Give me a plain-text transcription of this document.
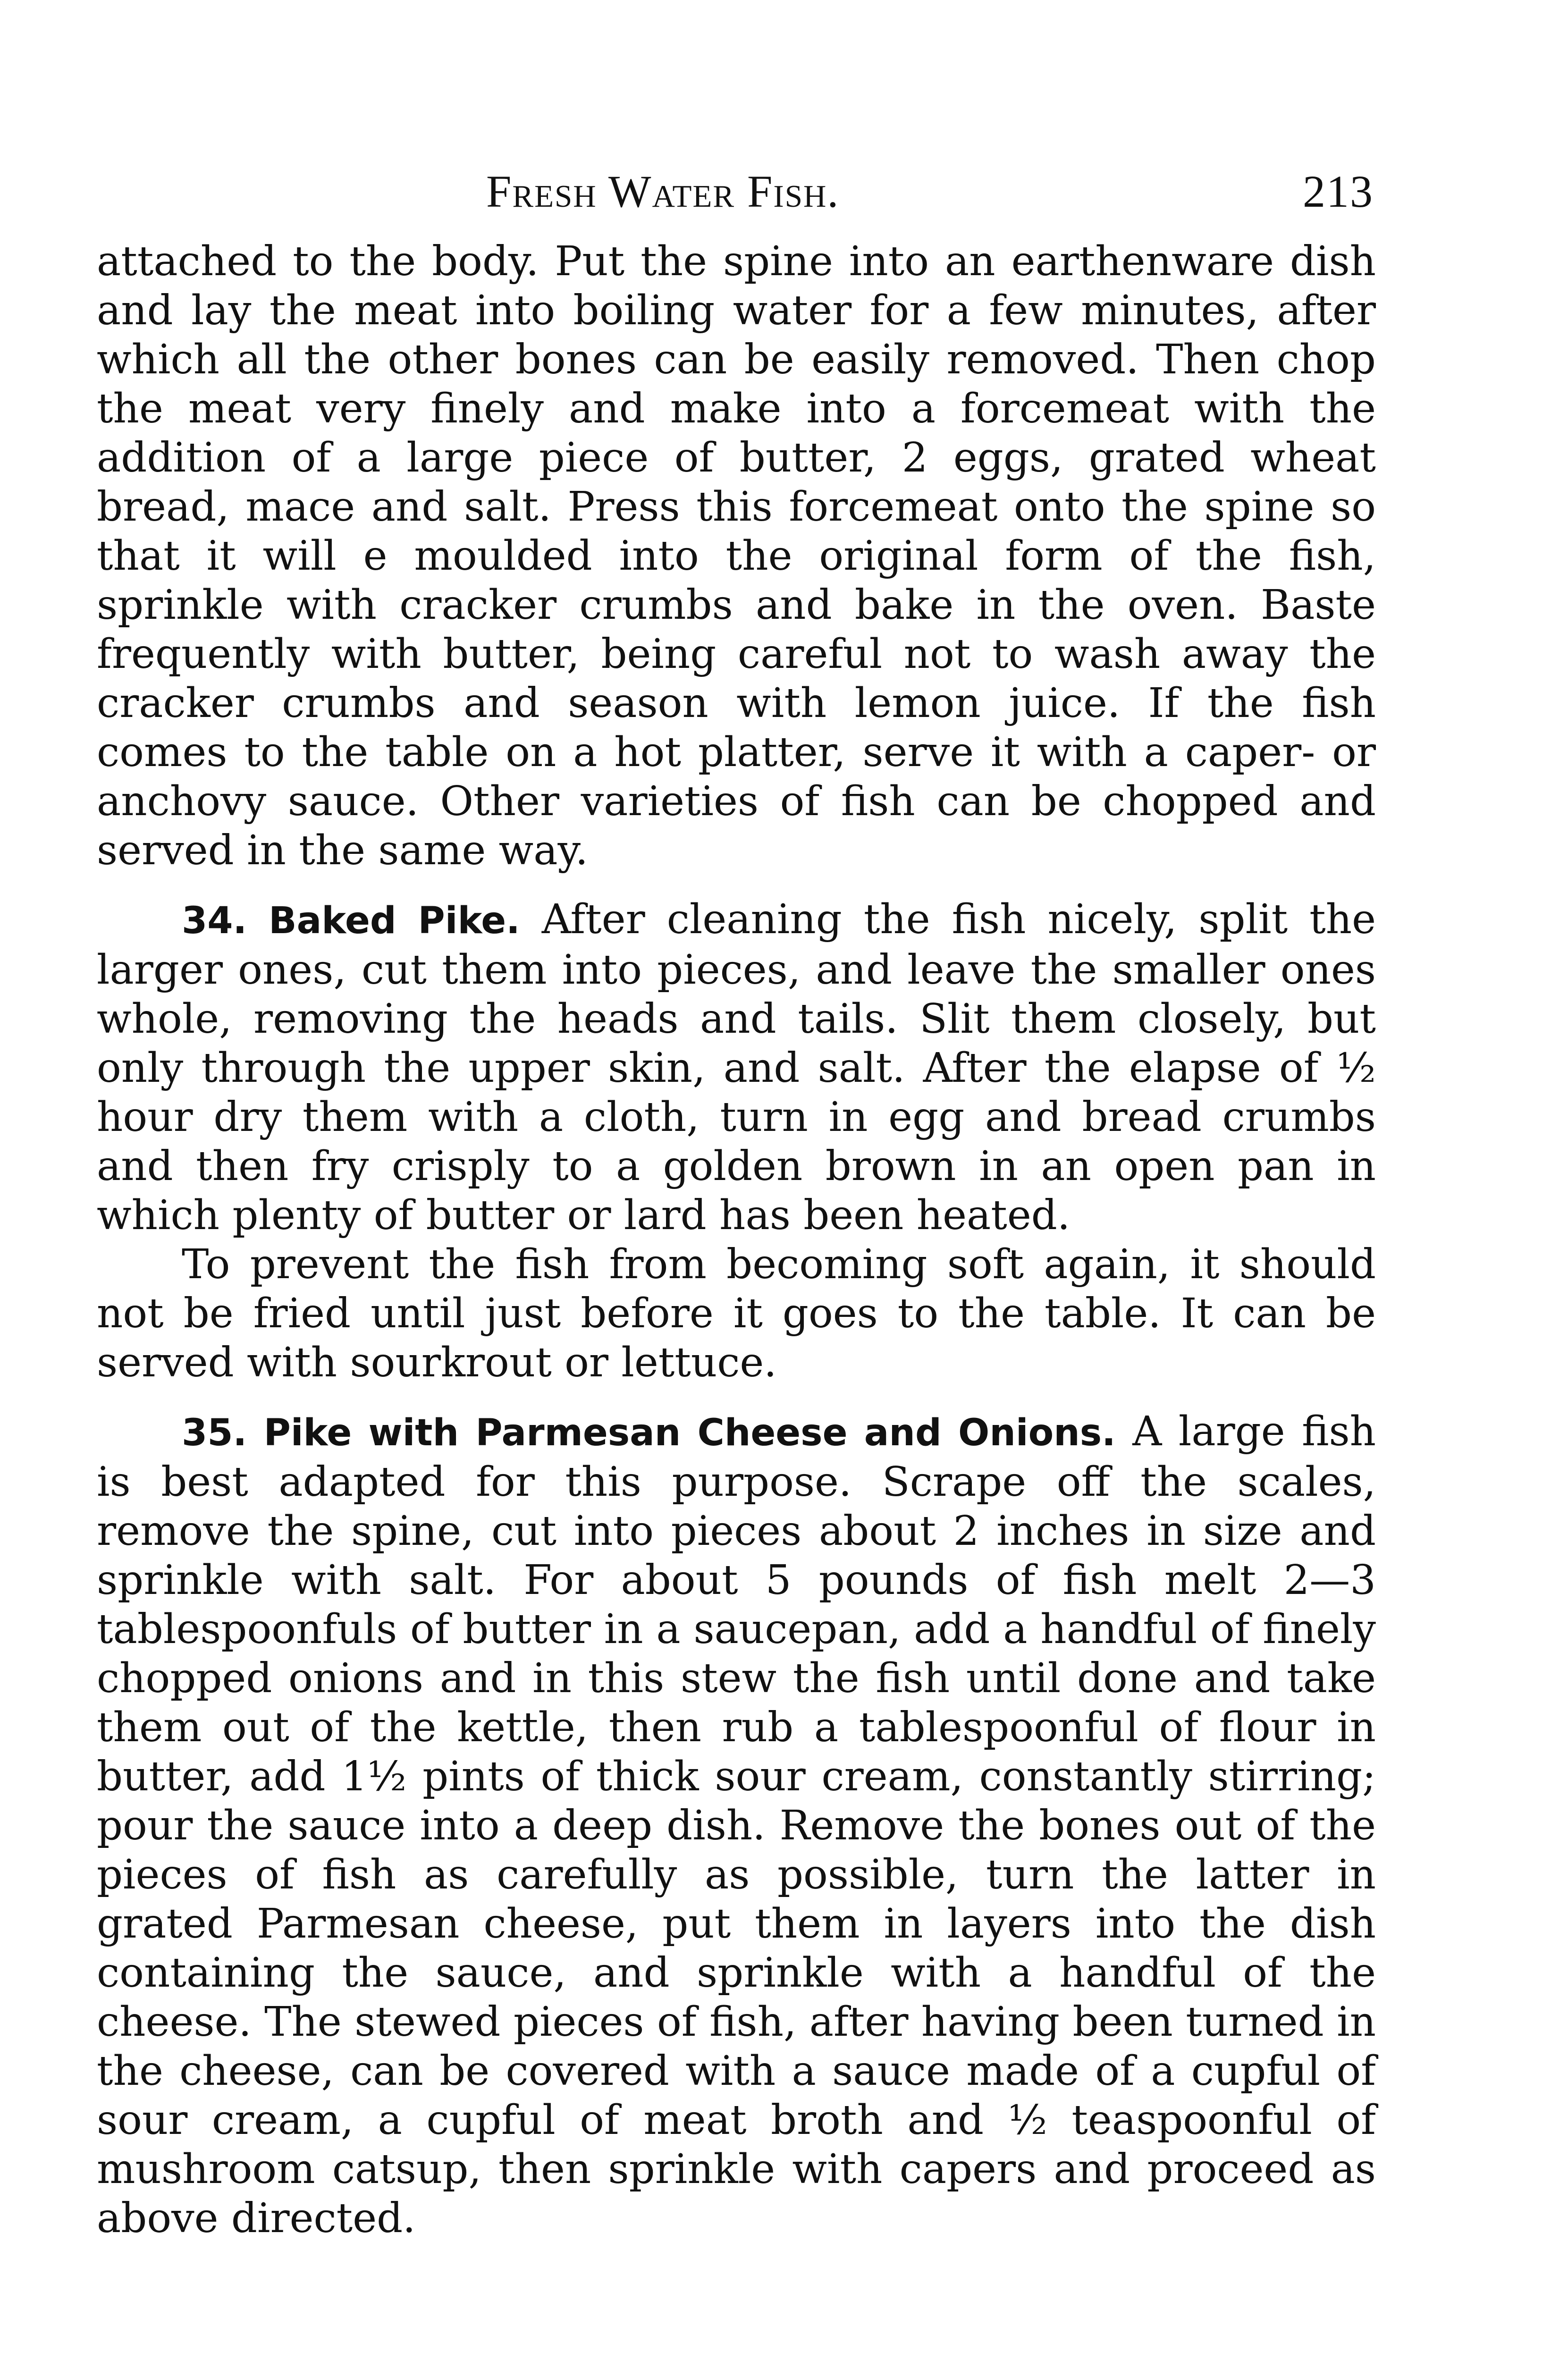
Fresh Water Fish.	213

attached to the body. Put the spine into an earthenware dish and lay the meat into boiling water for a few minutes, after which all the other bones can be easily removed. Then chop the meat very finely and make into a forcemeat with the addition of a large piece of butter, 2 eggs, grated wheat bread, mace and salt. Press this forcemeat onto the spine so that it will e moulded into the original form of the fish, sprinkle with cracker crumbs and bake in the oven. Baste frequently with butter, being careful not to wash away the cracker crumbs and season with lemon juice. If the fish comes to the table on a hot platter, serve it with a caper- or anchovy sauce. Other varieties of fish can be chopped and served in the same way.

34. Baked Pike. After cleaning the fish nicely, split the larger ones, cut them into pieces, and leave the smaller ones whole, removing the heads and tails. Slit them closely, but only through the upper skin, and salt. After the elapse of ½ hour dry them with a cloth, turn in egg and bread crumbs and then fry crisply to a golden brown in an open pan in which plenty of butter or lard has been heated.

To prevent the fish from becoming soft again, it should not be fried until just before it goes to the table. It can be served with sourkrout or lettuce.

35. Pike with Parmesan Cheese and Onions. A large fish is best adapted for this purpose. Scrape off the scales, remove the spine, cut into pieces about 2 inches in size and sprinkle with salt. For about 5 pounds of fish melt 2—3 tablespoonfuls of butter in a saucepan, add a handful of finely chopped onions and in this stew the fish until done and take them out of the kettle, then rub a tablespoonful of flour in butter, add 1½ pints of thick sour cream, constantly stirring; pour the sauce into a deep dish. Remove the bones out of the pieces of fish as carefully as possible, turn the latter in grated Parmesan cheese, put them in layers into the dish containing the sauce, and sprinkle with a handful of the cheese. The stewed pieces of fish, after having been turned in the cheese, can be covered with a sauce made of a cupful of sour cream, a cupful of meat broth and ½ teaspoonful of mushroom catsup, then sprinkle with capers and proceed as above directed.
